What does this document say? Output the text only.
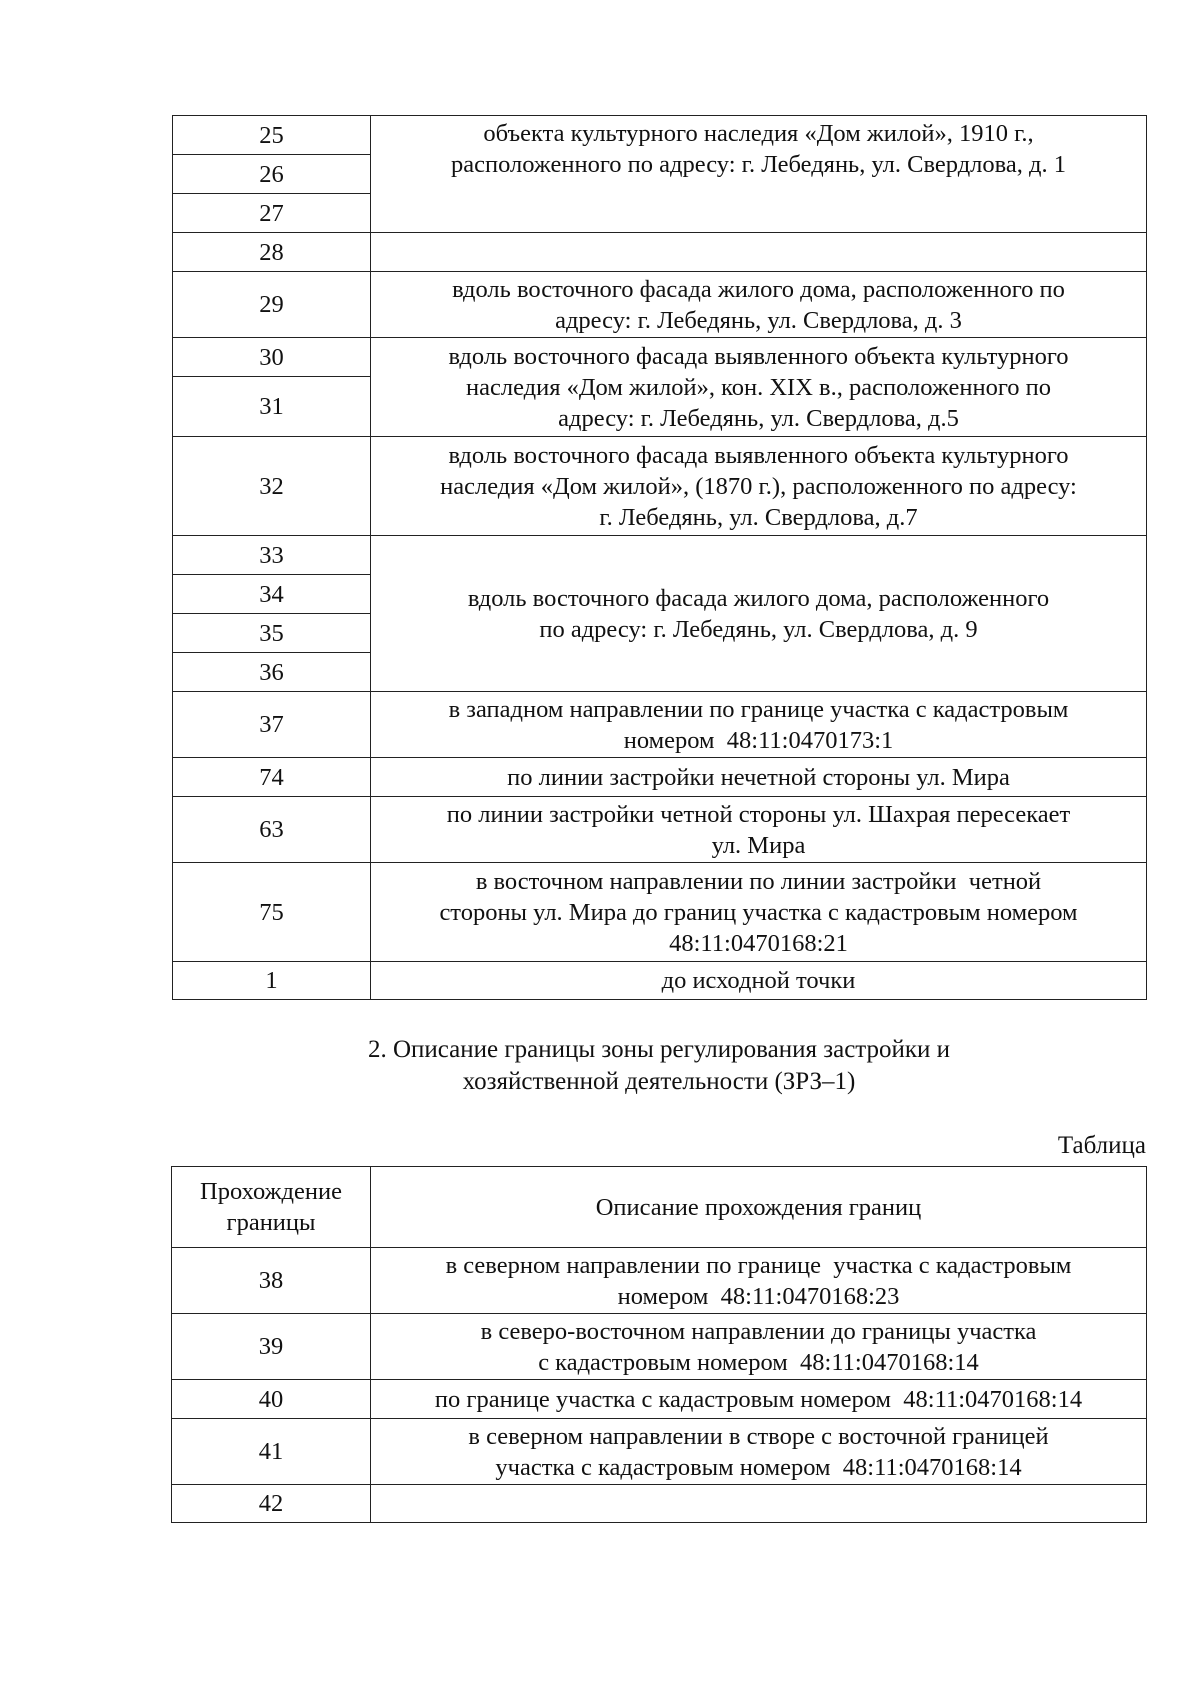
25	объекта культурного наследия «Дом жилой», 1910 г.,
расположенного по адресу: г. Лебедянь, ул. Свердлова, д. 1

26	
27	
28	
29	вдоль восточного фасада жилого дома, расположенного по
адресу: г. Лебедянь, ул. Свердлова, д. 3

30	вдоль восточного фасада выявленного объекта культурного
наследия «Дом жилой», кон. XIX в., расположенного по
адресу: г. Лебедянь, ул. Свердлова, д.5

31	
32	вдоль восточного фасада выявленного объекта культурного
наследия «Дом жилой», (1870 г.), расположенного по адресу:
г. Лебедянь, ул. Свердлова, д.7

33	вдоль восточного фасада жилого дома, расположенного
по адресу: г. Лебедянь, ул. Свердлова, д. 9

34	
35	
36	
37	в западном направлении по границе участка с кадастровым
номером  48:11:0470173:1

74	по линии застройки нечетной стороны ул. Мира

63	по линии застройки четной стороны ул. Шахрая пересекает
ул. Мира

75	в восточном направлении по линии застройки  четной
стороны ул. Мира до границ участка с кадастровым номером
48:11:0470168:21

1	до исходной точки
2. Описание границы зоны регулирования застройки и
хозяйственной деятельности (ЗРЗ–1)
Таблица
Прохождение
границы	Описание прохождения границ
38	в северном направлении по границе  участка с кадастровым
номером  48:11:0470168:23

39	в северо-восточном направлении до границы участка
с кадастровым номером  48:11:0470168:14

40	по границе участка с кадастровым номером  48:11:0470168:14

41	в северном направлении в створе с восточной границей
участка с кадастровым номером  48:11:0470168:14

42	
